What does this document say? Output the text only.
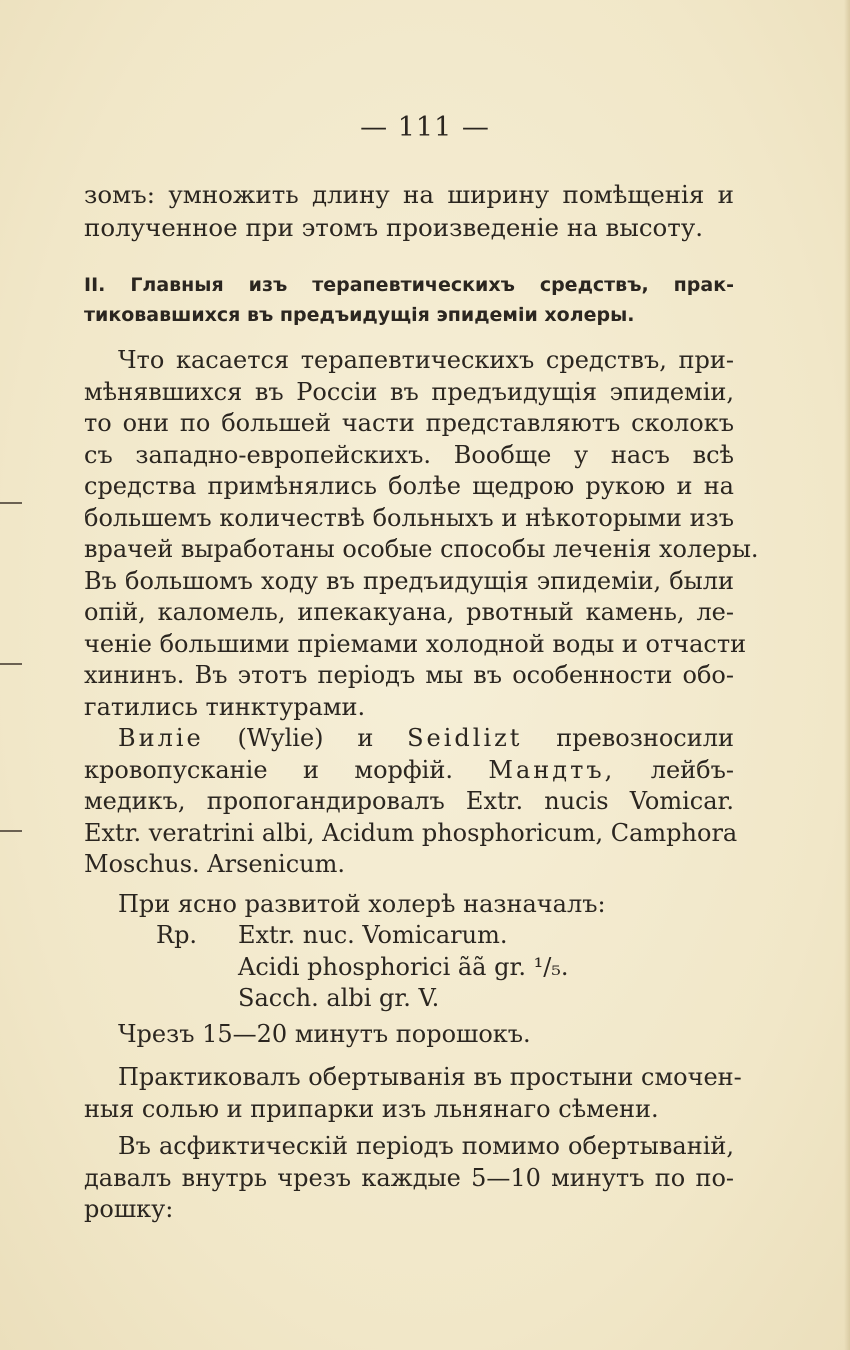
— 111 —
зомъ: умножить длину на ширину помѣщенія и
полученное при этомъ произведеніе на высоту.
II. Главныя изъ терапевтическихъ средствъ, прак-
тиковавшихся въ предъидущія эпидеміи холеры.
Что касается терапевтическихъ средствъ, при-
мѣнявшихся въ Россіи въ предъидущія эпидеміи,
то они по большей части представляютъ сколокъ
съ западно-европейскихъ. Вообще у насъ всѣ
средства примѣнялись болѣе щедрою рукою и на
большемъ количествѣ больныхъ и нѣкоторыми изъ
врачей выработаны особые способы леченія холеры.
Въ большомъ ходу въ предъидущія эпидеміи, были
опій, каломель, ипекакуана, рвотный камень, ле-
ченіе большими пріемами холодной воды и отчасти
хининъ. Въ этотъ періодъ мы въ особенности обо-
гатились тинктурами.
Вилie (Wylie) и Seidlizt превозносили
кровопусканіе и морфій. Мандтъ, лейбъ-
медикъ, пропогандировалъ Extr. nucis Vomicar.
Extr. veratrini albi, Acidum phosphoricum, Camphora
Moschus. Arsenicum.
При ясно развитой холерѣ назначалъ:
Rp.	Extr. nuc. Vomicarum.
Acidi phosphorici ãã gr. ¹/₅.
Sacch. albi gr. V.
Чрезъ 15—20 минутъ порошокъ.
Практиковалъ обертыванія въ простыни смочен-
ныя солью и припарки изъ льнянаго сѣмени.
Въ асфиктическій періодъ помимо обертываній,
давалъ внутрь чрезъ каждые 5—10 минутъ по по-
рошку:
